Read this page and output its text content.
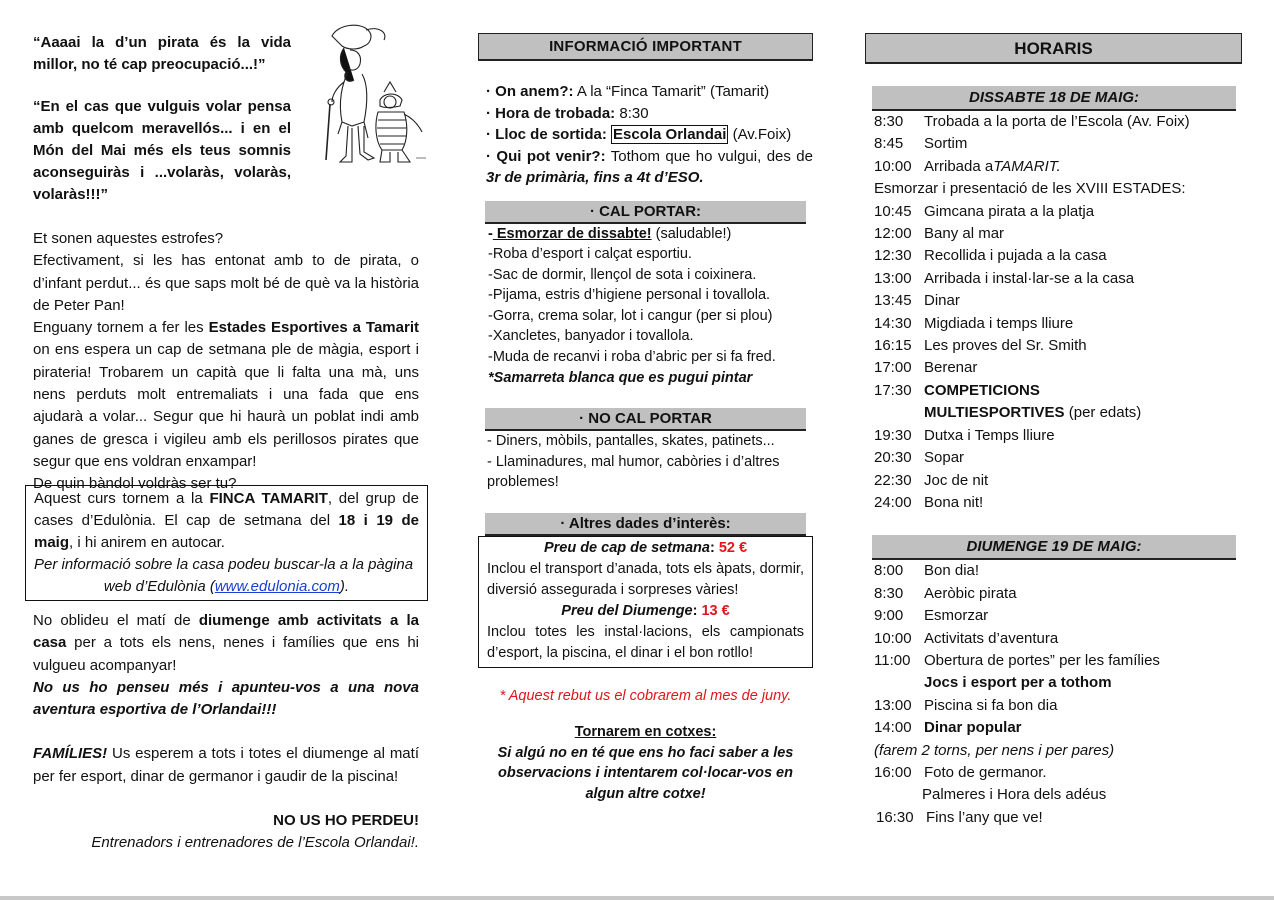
“Aaaai la d’un pirata és la vida millor, no té cap preocupació...!”

“En el cas que vulguis volar pensa amb quelcom meravellós... i en el Món del Mai més els teus somnis aconseguiràs i ...volaràs, volaràs, volaràs!!!”

Et sonen aquestes estrofes?
Efectivament, si les has entonat amb to de pirata, o d’infant perdut... és que saps molt bé de què va la història de Peter Pan!
Enguany tornem a fer les Estades Esportives a Tamarit on ens espera un cap de setmana ple de màgia, esport i pirateria! Trobarem un capità que li falta una mà, uns nens perduts molt entremaliats i una fada que ens ajudarà a volar... Segur que hi haurà un poblat indi amb ganes de gresca i vigileu amb els perillosos pirates que segur que ens voldran enxampar!
De quin bàndol voldràs ser tu?
Aquest curs tornem a la FINCA TAMARIT, del grup de cases d’Edulònia. El cap de setmana del 18 i 19 de maig, i hi anirem en autocar.
Per informació sobre la casa podeu buscar-la a la pàgina
web d’Edulònia (www.edulonia.com).
No oblideu el matí de diumenge amb activitats a la casa per a tots els nens, nenes i famílies que ens hi vulgueu acompanyar!
No us ho penseu més i apunteu-vos a una nova aventura esportiva de l’Orlandai!!!
FAMÍLIES! Us esperem a tots i totes el diumenge al matí per fer esport, dinar de germanor i gaudir de la piscina!
NO US HO PERDEU!
Entrenadors i entrenadores de l’Escola Orlandai!.
INFORMACIÓ IMPORTANT
· On anem?: A la “Finca Tamarit” (Tamarit)
· Hora de trobada: 8:30
· Lloc de sortida: Escola Orlandai (Av.Foix)
· Qui pot venir?: Tothom que ho vulgui, des de 3r de primària, fins a 4t d’ESO.
· CAL PORTAR:
- Esmorzar de dissabte! (saludable!)
-Roba d’esport i calçat esportiu.
-Sac de dormir, llençol de sota i coixinera.
-Pijama, estris d’higiene personal i tovallola.
-Gorra, crema solar, lot i cangur (per si plou)
-Xancletes, banyador i tovallola.
-Muda de recanvi i roba d’abric per si fa fred.
*Samarreta blanca que es pugui pintar
· NO CAL PORTAR
- Diners, mòbils, pantalles, skates, patinets...
- Llaminadures, mal humor, cabòries i d’altres problemes!
· Altres dades d’interès:
Preu de cap de setmana: 52 €
Inclou el transport d’anada, tots els àpats, dormir, diversió assegurada i sorpreses vàries!
Preu del Diumenge: 13 €
Inclou totes les instal·lacions, els campionats d’esport, la piscina, el dinar i el bon rotllo!
* Aquest rebut us el cobrarem al mes de juny.
Tornarem en cotxes:
Si algú no en té que ens ho faci saber a les observacions i intentarem col·locar-vos en algun altre cotxe!
HORARIS
DISSABTE 18 DE MAIG:
8:30	Trobada a la porta de l’Escola (Av. Foix)
8:45	Sortim
10:00 Arribada a TAMARIT.
Esmorzar i presentació de les XVIII ESTADES:
10:45 Gimcana pirata a la platja
12:00 Bany al mar
12:30 Recollida i pujada a la casa
13:00 Arribada i instal·lar-se a la casa
13:45 Dinar
14:30 Migdiada i temps lliure
16:15 Les proves del Sr. Smith
17:00 Berenar
17:30 COMPETICIONS
MULTIESPORTIVES (per edats)
19:30 Dutxa i Temps lliure
20:30 Sopar
22:30 Joc de nit
24:00 Bona nit!
DIUMENGE 19 DE MAIG:
8:00	Bon dia!
8:30	Aeròbic pirata
9:00	Esmorzar
10:00 Activitats d’aventura
11:00 Obertura de portes” per les famílies
Jocs i esport per a tothom
13:00 Piscina si fa bon dia
14:00 Dinar popular
(farem 2 torns, per nens i per pares)
16:00 Foto de germanor.
Palmeres i Hora dels adéus
16:30 Fins l’any que ve!
